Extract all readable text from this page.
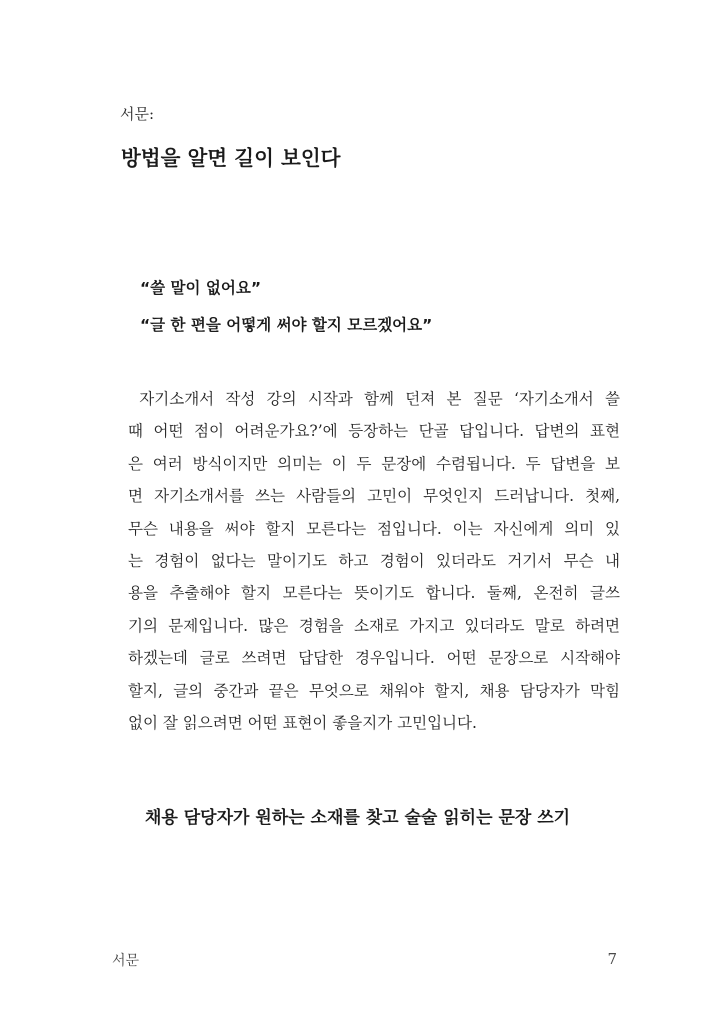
서문:
방법을 알면 길이 보인다
“쓸 말이 없어요”
“글 한 편을 어떻게 써야 할지 모르겠어요”
자기소개서 작성 강의 시작과 함께 던져 본 질문 ‘자기소개서 쓸
때 어떤 점이 어려운가요?’에 등장하는 단골 답입니다. 답변의 표현
은 여러 방식이지만 의미는 이 두 문장에 수렴됩니다. 두 답변을 보
면 자기소개서를 쓰는 사람들의 고민이 무엇인지 드러납니다. 첫째,
무슨 내용을 써야 할지 모른다는 점입니다. 이는 자신에게 의미 있
는 경험이 없다는 말이기도 하고 경험이 있더라도 거기서 무슨 내
용을 추출해야 할지 모른다는 뜻이기도 합니다. 둘째, 온전히 글쓰
기의 문제입니다. 많은 경험을 소재로 가지고 있더라도 말로 하려면
하겠는데 글로 쓰려면 답답한 경우입니다. 어떤 문장으로 시작해야
할지, 글의 중간과 끝은 무엇으로 채워야 할지, 채용 담당자가 막힘
없이 잘 읽으려면 어떤 표현이 좋을지가 고민입니다.
채용 담당자가 원하는 소재를 찾고 술술 읽히는 문장 쓰기
서문	7
